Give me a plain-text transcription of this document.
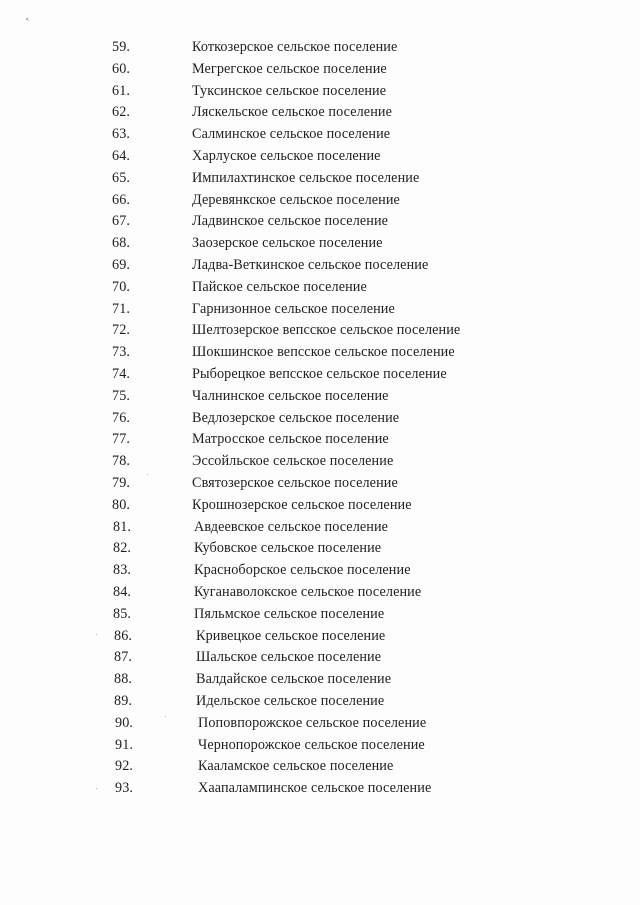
59.	Коткозерское сельское поселение
60.	Мегрегское сельское поселение
61.	Туксинское сельское поселение
62.	Ляскельское сельское поселение
63.	Салминское сельское поселение
64.	Харлуское сельское поселение
65.	Импилахтинское сельское поселение
66.	Деревянкское сельское поселение
67.	Ладвинское сельское поселение
68.	Заозерское сельское поселение
69.	Ладва-Веткинское сельское поселение
70.	Пайское сельское поселение
71.	Гарнизонное сельское поселение
72.	Шелтозерское вепсское сельское поселение
73.	Шокшинское вепсское сельское поселение
74.	Рыборецкое вепсское сельское поселение
75.	Чалнинское сельское поселение
76.	Ведлозерское сельское поселение
77.	Матросское сельское поселение
78.	Эссойльское сельское поселение
79.	Святозерское сельское поселение
80.	Крошнозерское сельское поселение
81.	Авдеевское сельское поселение
82.	Кубовское сельское поселение
83.	Красноборское сельское поселение
84.	Куганаволокское сельское поселение
85.	Пяльмское сельское поселение
86.	Кривецкое сельское поселение
87.	Шальское сельское поселение
88.	Валдайское сельское поселение
89.	Идельское сельское поселение
90.	Поповпорожское сельское поселение
91.	Чернопорожское сельское поселение
92.	Кааламское сельское поселение
93.	Хаапалампинское сельское поселение
